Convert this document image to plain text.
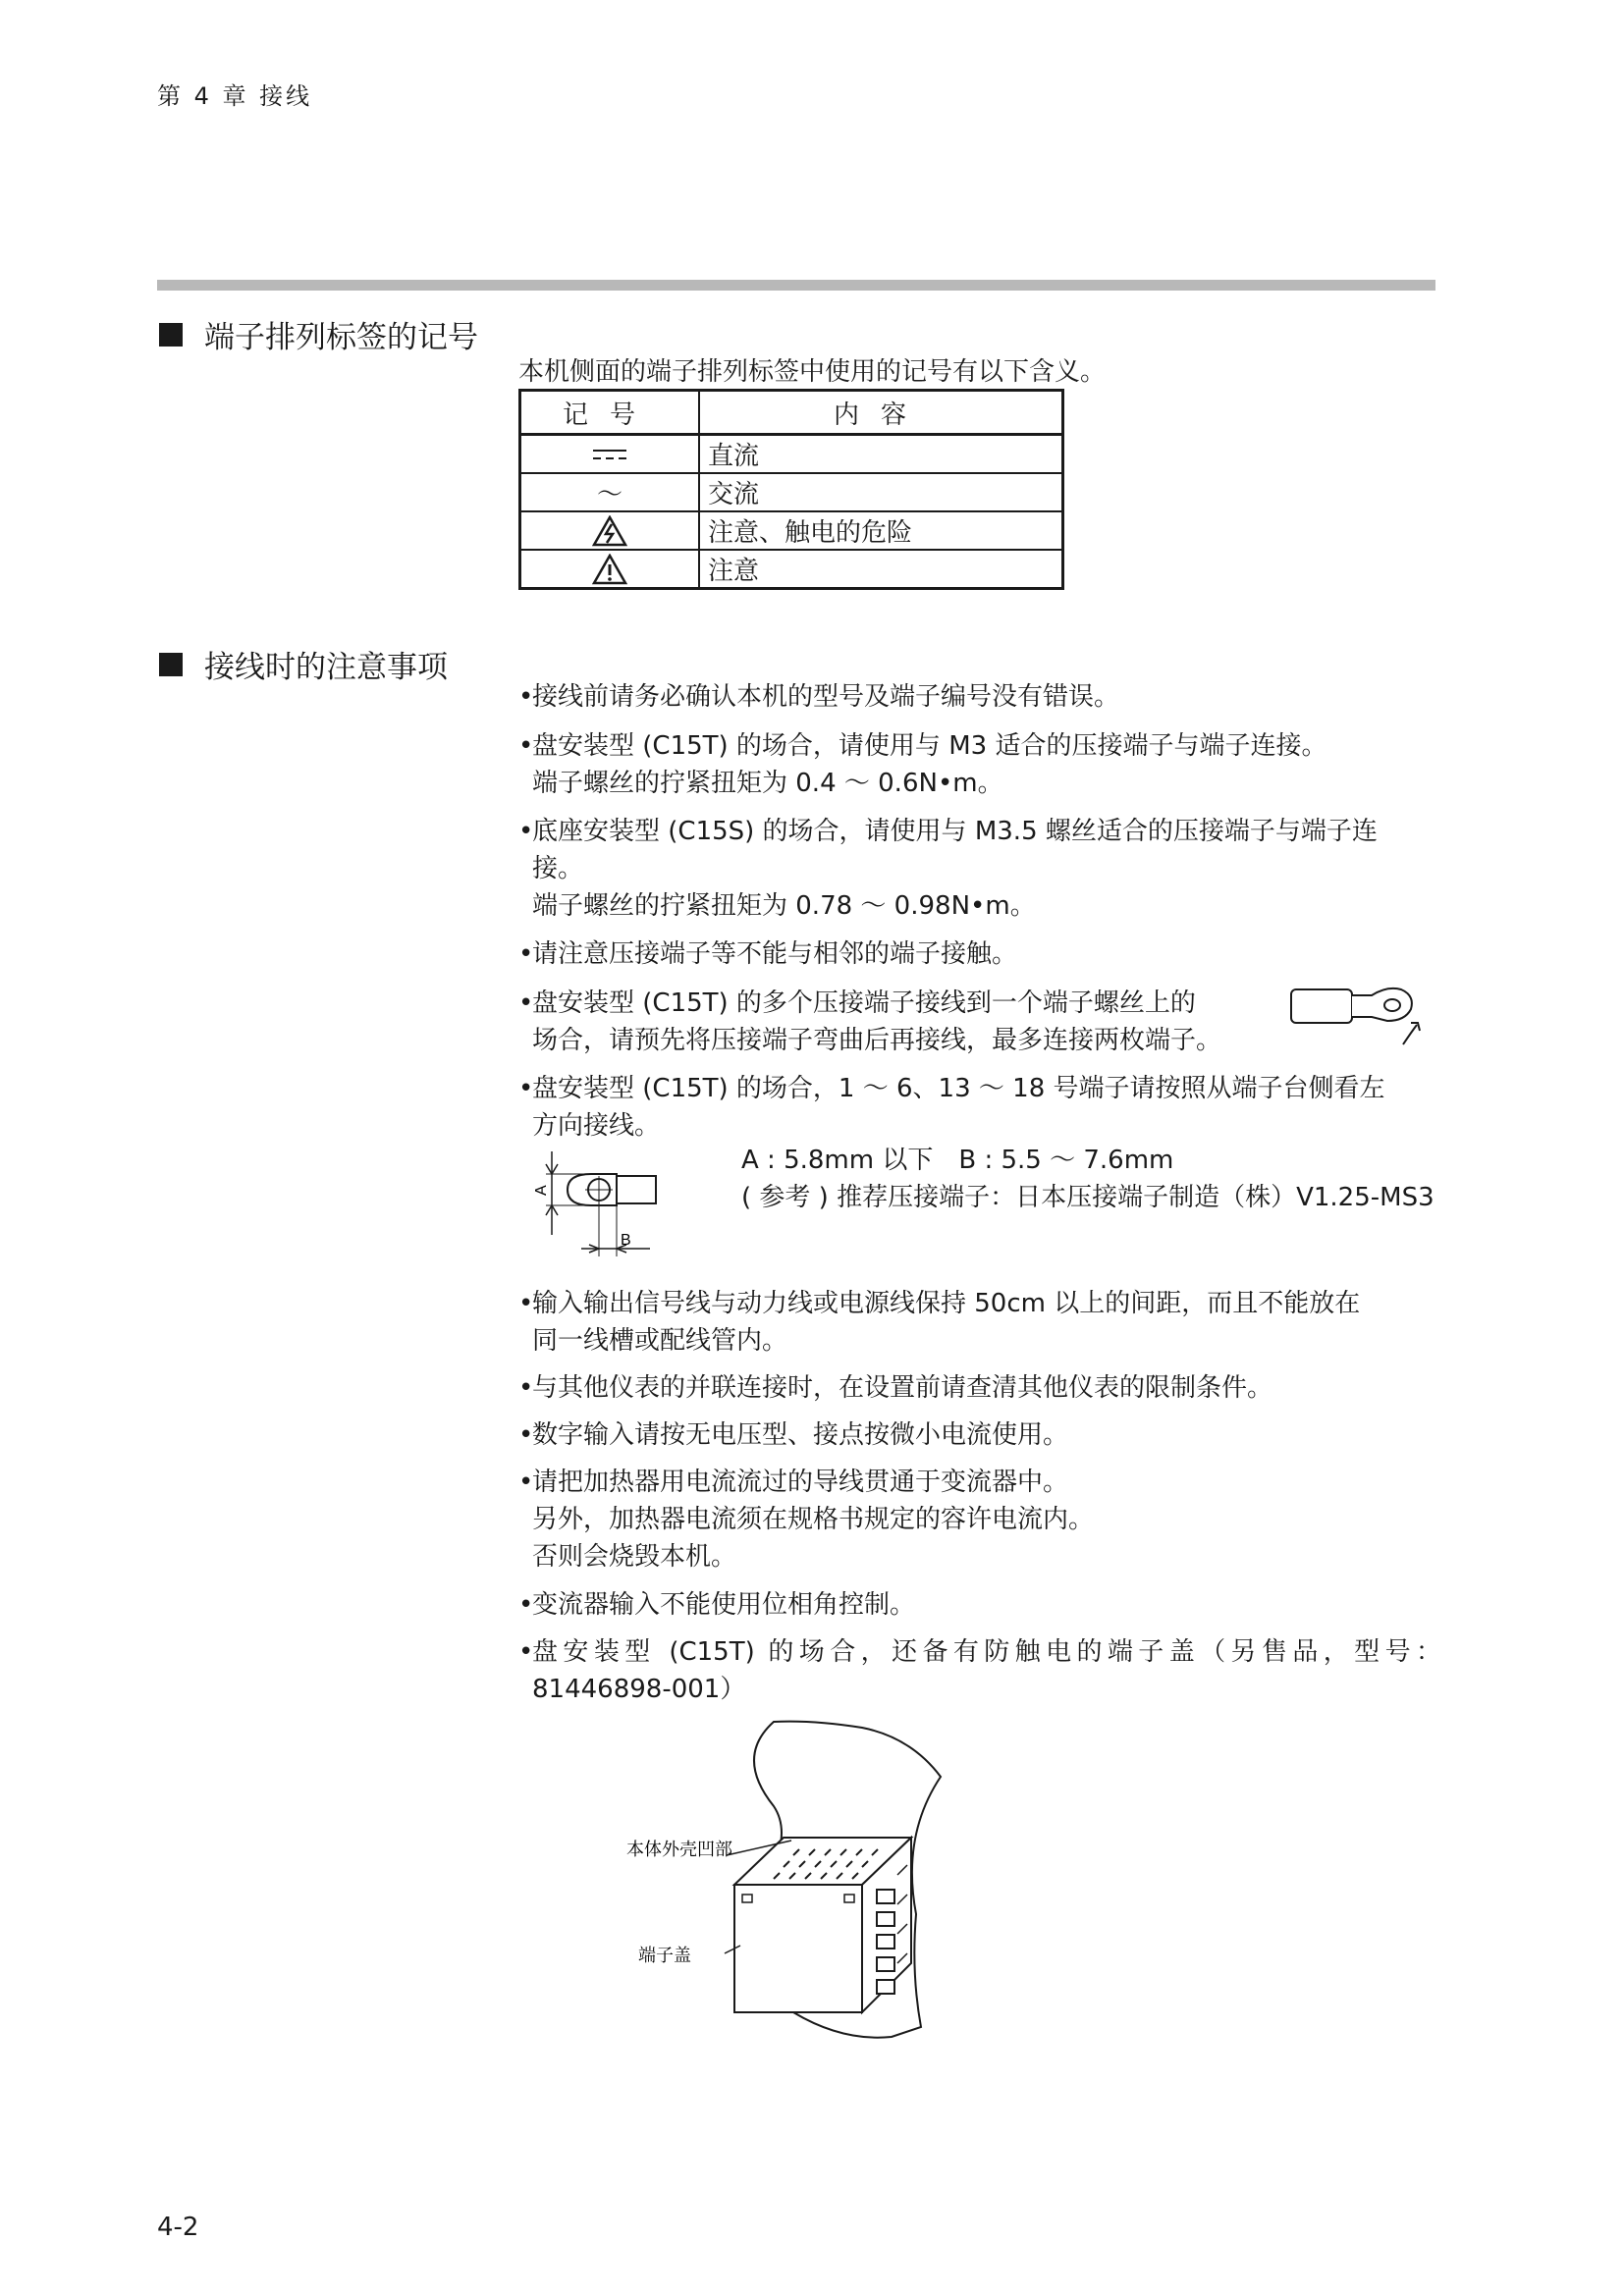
第 4 章 接线
端子排列标签的记号
本机侧面的端子排列标签中使用的记号有以下含义。
记号	内容

	直流
～	交流
	注意、触电的危险
	注意
接线时的注意事项
•
接线前请务必确认本机的型号及端子编号没有错误。
•
盘安装型 (C15T) 的场合，请使用与 M3 适合的压接端子与端子连接。
端子螺丝的拧紧扭矩为 0.4 ～ 0.6N•m。
•
底座安装型 (C15S) 的场合，请使用与 M3.5 螺丝适合的压接端子与端子连
接。
端子螺丝的拧紧扭矩为 0.78 ～ 0.98N•m。
•
请注意压接端子等不能与相邻的端子接触。
•
盘安装型 (C15T) 的多个压接端子接线到一个端子螺丝上的
场合，请预先将压接端子弯曲后再接线，最多连接两枚端子。
•
盘安装型 (C15T) 的场合，1 ～ 6、13 ～ 18 号端子请按照从端子台侧看左
方向接线。
A : 5.8mm 以下　B : 5.5 ～ 7.6mm
( 参考 ) 推荐压接端子：日本压接端子制造（株）V1.25-MS3
•
输入输出信号线与动力线或电源线保持 50cm 以上的间距，而且不能放在
同一线槽或配线管内。
•
与其他仪表的并联连接时，在设置前请查清其他仪表的限制条件。
•
数字输入请按无电压型、接点按微小电流使用。
•
请把加热器用电流流过的导线贯通于变流器中。
另外，加热器电流须在规格书规定的容许电流内。
否则会烧毁本机。
•
变流器输入不能使用位相角控制。
•
盘安装型 (C15T) 的场合，还备有防触电的端子盖（另售品，型号：
81446898-001）
A
B
本体外壳凹部
端子盖
4-2
